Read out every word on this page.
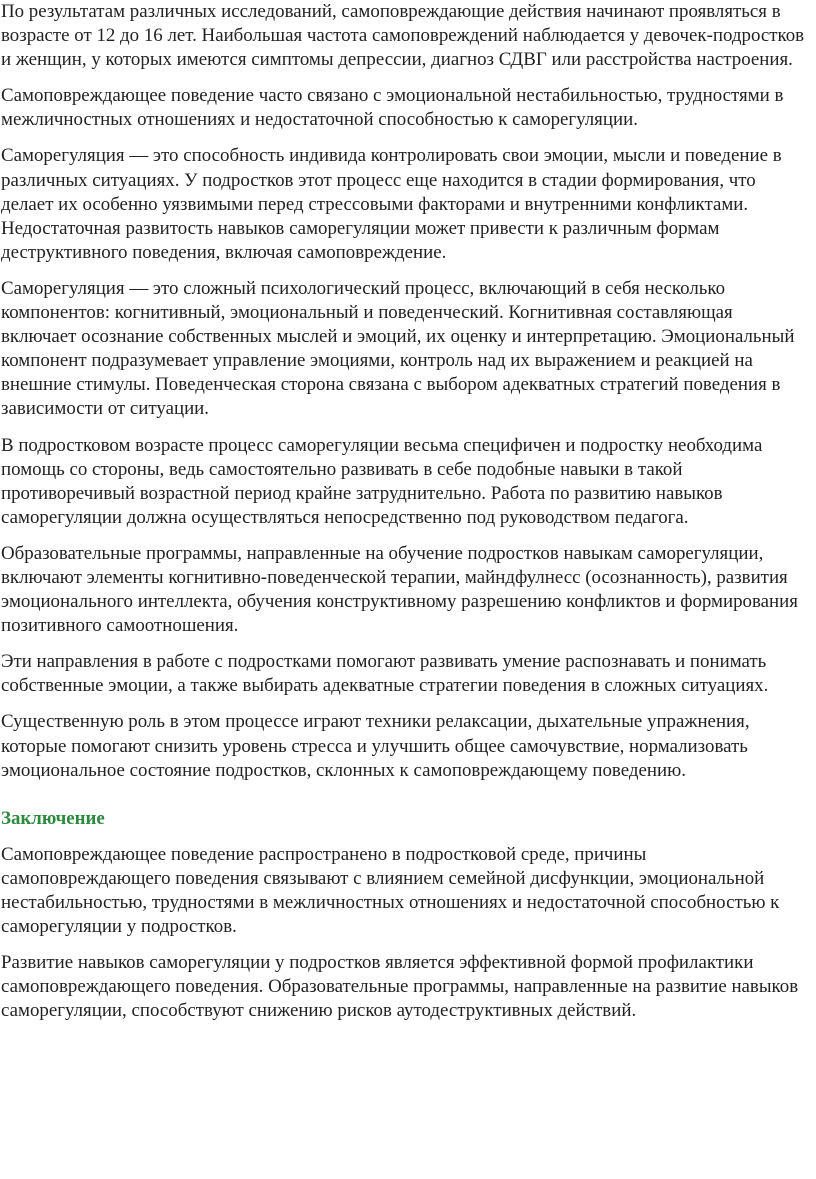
По результатам различных исследований, самоповреждающие действия начинают проявляться в возрасте от 12 до 16 лет. Наибольшая частота самоповреждений наблюдается у девочек-подростков и женщин, у которых имеются симптомы депрессии, диагноз СДВГ или расстройства настроения.

Самоповреждающее поведение часто связано с эмоциональной нестабильностью, трудностями в межличностных отношениях и недостаточной способностью к саморегуляции.

Саморегуляция — это способность индивида контролировать свои эмоции, мысли и поведение в различных ситуациях. У подростков этот процесс еще находится в стадии формирования, что делает их особенно уязвимыми перед стрессовыми факторами и внутренними конфликтами. Недостаточная развитость навыков саморегуляции может привести к различным формам деструктивного поведения, включая самоповреждение.

Саморегуляция — это сложный психологический процесс, включающий в себя несколько компонентов: когнитивный, эмоциональный и поведенческий. Когнитивная составляющая включает осознание собственных мыслей и эмоций, их оценку и интерпретацию. Эмоциональный компонент подразумевает управление эмоциями, контроль над их выражением и реакцией на внешние стимулы. Поведенческая сторона связана с выбором адекватных стратегий поведения в зависимости от ситуации.

В подростковом возрасте процесс саморегуляции весьма специфичен и подростку необходима помощь со стороны, ведь самостоятельно развивать в себе подобные навыки в такой противоречивый возрастной период крайне затруднительно. Работа по развитию навыков саморегуляции должна осуществляться непосредственно под руководством педагога.

Образовательные программы, направленные на обучение подростков навыкам саморегуляции, включают элементы когнитивно-поведенческой терапии, майндфулнесс (осознанность), развития эмоционального интеллекта, обучения конструктивному разрешению конфликтов и формирования позитивного самоотношения.

Эти направления в работе с подростками помогают развивать умение распознавать и понимать собственные эмоции, а также выбирать адекватные стратегии поведения в сложных ситуациях.

Существенную роль в этом процессе играют техники релаксации, дыхательные упражнения, которые помогают снизить уровень стресса и улучшить общее самочувствие, нормализовать эмоциональное состояние подростков, склонных к самоповреждающему поведению.

Заключение

Самоповреждающее поведение распространено в подростковой среде, причины самоповреждающего поведения связывают с влиянием семейной дисфункции, эмоциональной нестабильностью, трудностями в межличностных отношениях и недостаточной способностью к саморегуляции у подростков.

Развитие навыков саморегуляции у подростков является эффективной формой профилактики самоповреждающего поведения. Образовательные программы, направленные на развитие навыков саморегуляции, способствуют снижению рисков аутодеструктивных действий.
